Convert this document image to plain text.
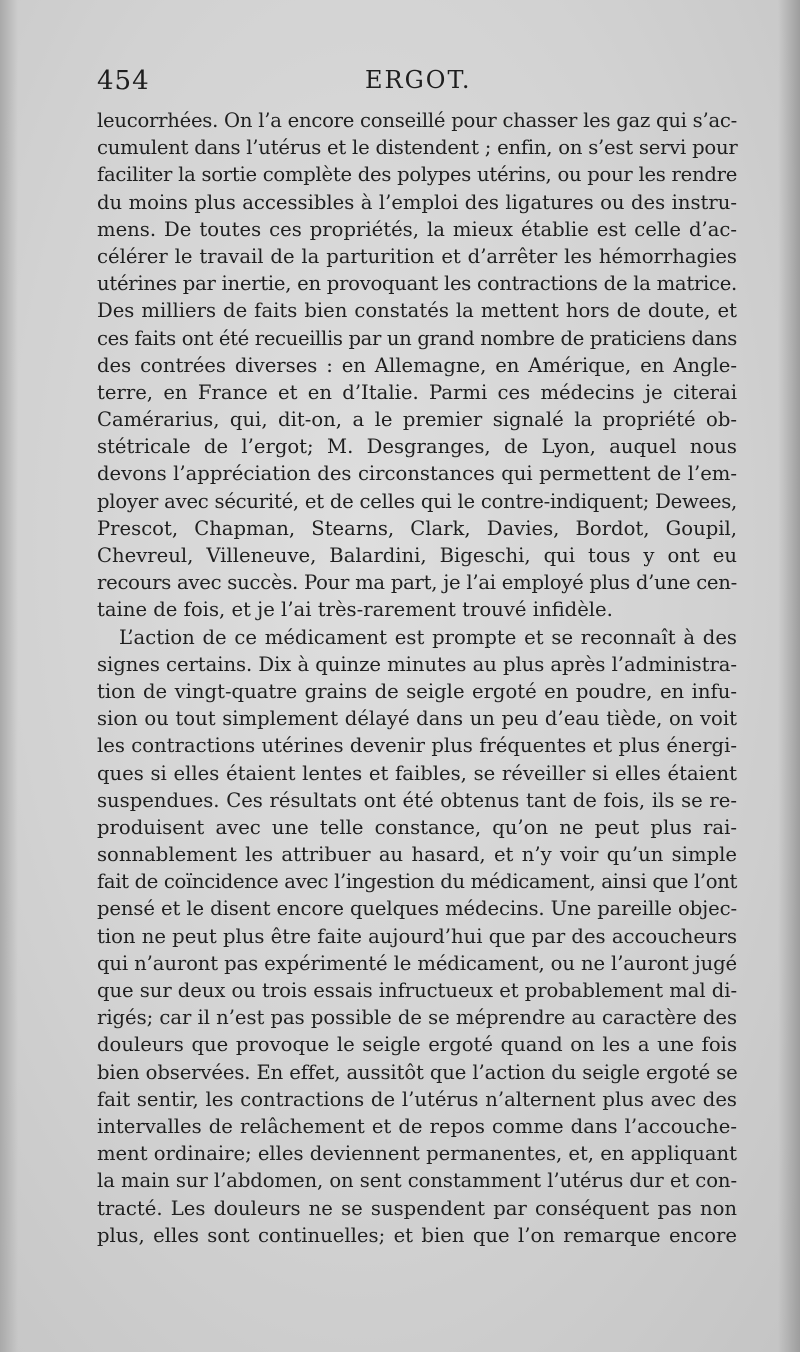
454	ERGOT.
leucorrhées. On l’a encore conseillé pour chasser les gaz qui s’ac-
cumulent dans l’utérus et le distendent ; enfin, on s’est servi pour
faciliter la sortie complète des polypes utérins, ou pour les rendre
du moins plus accessibles à l’emploi des ligatures ou des instru-
mens. De toutes ces propriétés, la mieux établie est celle d’ac-
célérer le travail de la parturition et d’arrêter les hémorrhagies
utérines par inertie, en provoquant les contractions de la matrice.
Des milliers de faits bien constatés la mettent hors de doute, et
ces faits ont été recueillis par un grand nombre de praticiens dans
des contrées diverses : en Allemagne, en Amérique, en Angle-
terre, en France et en d’Italie. Parmi ces médecins je citerai
Camérarius, qui, dit-on, a le premier signalé la propriété ob-
stétricale de l’ergot; M. Desgranges, de Lyon, auquel nous
devons l’appréciation des circonstances qui permettent de l’em-
ployer avec sécurité, et de celles qui le contre-indiquent; Dewees,
Prescot, Chapman, Stearns, Clark, Davies, Bordot, Goupil,
Chevreul, Villeneuve, Balardini, Bigeschi, qui tous y ont eu
recours avec succès. Pour ma part, je l’ai employé plus d’une cen-
taine de fois, et je l’ai très-rarement trouvé infidèle.
L’action de ce médicament est prompte et se reconnaît à des
signes certains. Dix à quinze minutes au plus après l’administra-
tion de vingt-quatre grains de seigle ergoté en poudre, en infu-
sion ou tout simplement délayé dans un peu d’eau tiède, on voit
les contractions utérines devenir plus fréquentes et plus énergi-
ques si elles étaient lentes et faibles, se réveiller si elles étaient
suspendues. Ces résultats ont été obtenus tant de fois, ils se re-
produisent avec une telle constance, qu’on ne peut plus rai-
sonnablement les attribuer au hasard, et n’y voir qu’un simple
fait de coïncidence avec l’ingestion du médicament, ainsi que l’ont
pensé et le disent encore quelques médecins. Une pareille objec-
tion ne peut plus être faite aujourd’hui que par des accoucheurs
qui n’auront pas expérimenté le médicament, ou ne l’auront jugé
que sur deux ou trois essais infructueux et probablement mal di-
rigés; car il n’est pas possible de se méprendre au caractère des
douleurs que provoque le seigle ergoté quand on les a une fois
bien observées. En effet, aussitôt que l’action du seigle ergoté se
fait sentir, les contractions de l’utérus n’alternent plus avec des
intervalles de relâchement et de repos comme dans l’accouche-
ment ordinaire; elles deviennent permanentes, et, en appliquant
la main sur l’abdomen, on sent constamment l’utérus dur et con-
tracté. Les douleurs ne se suspendent par conséquent pas non
plus, elles sont continuelles; et bien que l’on remarque encore
